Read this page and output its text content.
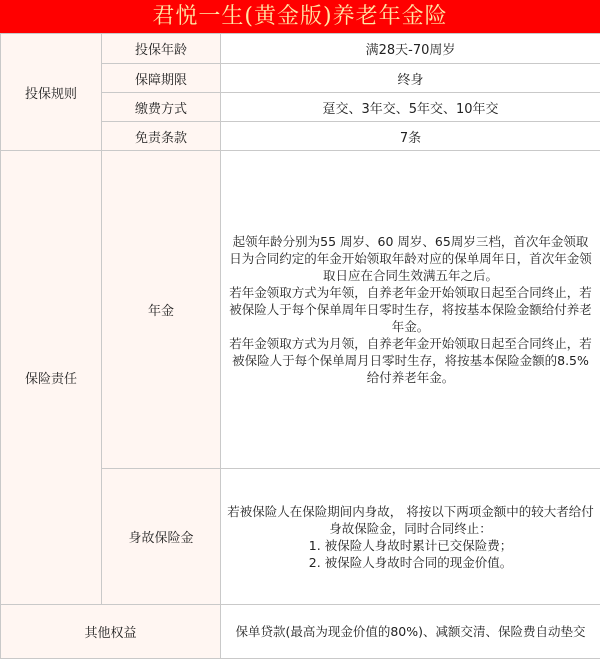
君悦一生(黄金版)养老年金险
投保规则	投保年龄	满28天-70周岁
	保障期限	终身
	缴费方式	趸交、3年交、5年交、10年交
	免责条款	7条
保险责任	年金	起领年龄分别为55 周岁、60 周岁、65周岁三档，首次年金领取日为合同约定的年金开始领取年龄对应的保单周年日，首次年金领取日应在合同生效满五年之后。

若年金领取方式为年领，自养老年金开始领取日起至合同终止，若被保险人于每个保单周年日零时生存，将按基本保险金额给付养老年金。

若年金领取方式为月领，自养老年金开始领取日起至合同终止，若被保险人于每个保单周月日零时生存，将按基本保险金额的8.5%给付养老年金。

	身故保险金	若被保险人在保险期间内身故， 将按以下两项金额中的较大者给付身故保险金，同时合同终止：

1. 被保险人身故时累计已交保险费；
2. 被保险人身故时合同的现金价值。

其他权益		保单贷款(最高为现金价值的80%)、减额交清、保险费自动垫交
